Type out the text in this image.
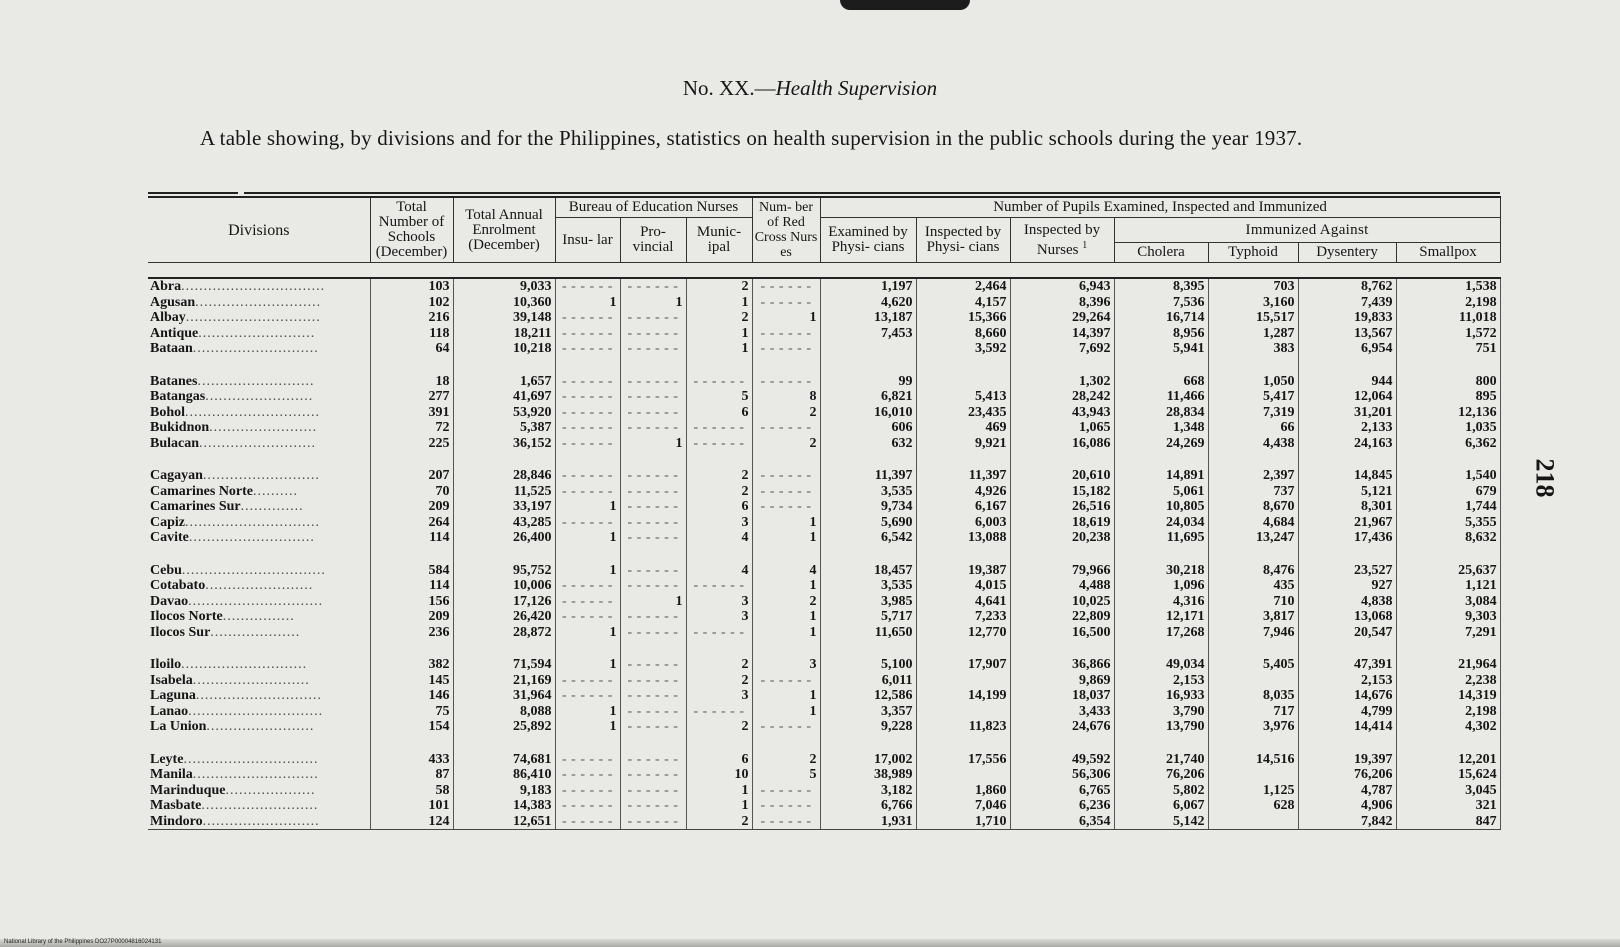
No. XX.—Health Supervision
A table showing, by divisions and for the Philippines, statistics on health supervision in the public schools during the year 1937.
Divisions	Total Number of Schools (December)	Total Annual Enrolment (December)	Bureau of Education Nurses			Num- ber of Red Cross Nurs es	Number of Pupils Examined, Inspected and Immunized						
			Insu- lar	Pro- vincial	Munic- ipal		Examined by Physi- cians	Inspected by Physi- cians	Inspected by Nurses $^1$	Immunized Against			
										Cholera	Typhoid	Dysentery	Smallpox

Abra................................	103	9,033	- - - - - -	- - - - - -	2	- - - - - -	1,197	2,464	6,943	8,395	703	8,762	1,538
Agusan............................	102	10,360	1	1	1	- - - - - -	4,620	4,157	8,396	7,536	3,160	7,439	2,198
Albay..............................	216	39,148	- - - - - -	- - - - - -	2	1	13,187	15,366	29,264	16,714	15,517	19,833	11,018
Antique..........................	118	18,211	- - - - - -	- - - - - -	1	- - - - - -	7,453	8,660	14,397	8,956	1,287	13,567	1,572
Bataan............................	64	10,218	- - - - - -	- - - - - -	1	- - - - - -		3,592	7,692	5,941	383	6,954	751

Batanes..........................	18	1,657	- - - - - -	- - - - - -	- - - - - -	- - - - - -	99		1,302	668	1,050	944	800
Batangas........................	277	41,697	- - - - - -	- - - - - -	5	8	6,821	5,413	28,242	11,466	5,417	12,064	895
Bohol..............................	391	53,920	- - - - - -	- - - - - -	6	2	16,010	23,435	43,943	28,834	7,319	31,201	12,136
Bukidnon........................	72	5,387	- - - - - -	- - - - - -	- - - - - -	- - - - - -	606	469	1,065	1,348	66	2,133	1,035
Bulacan..........................	225	36,152	- - - - - -	1	- - - - - -	2	632	9,921	16,086	24,269	4,438	24,163	6,362

Cagayan..........................	207	28,846	- - - - - -	- - - - - -	2	- - - - - -	11,397	11,397	20,610	14,891	2,397	14,845	1,540
Camarines Norte..........	70	11,525	- - - - - -	- - - - - -	2	- - - - - -	3,535	4,926	15,182	5,061	737	5,121	679
Camarines Sur..............	209	33,197	1	- - - - - -	6	- - - - - -	9,734	6,167	26,516	10,805	8,670	8,301	1,744
Capiz..............................	264	43,285	- - - - - -	- - - - - -	3	1	5,690	6,003	18,619	24,034	4,684	21,967	5,355
Cavite............................	114	26,400	1	- - - - - -	4	1	6,542	13,088	20,238	11,695	13,247	17,436	8,632

Cebu................................	584	95,752	1	- - - - - -	4	4	18,457	19,387	79,966	30,218	8,476	23,527	25,637
Cotabato........................	114	10,006	- - - - - -	- - - - - -	- - - - - -	1	3,535	4,015	4,488	1,096	435	927	1,121
Davao..............................	156	17,126	- - - - - -	1	3	2	3,985	4,641	10,025	4,316	710	4,838	3,084
Ilocos Norte................	209	26,420	- - - - - -	- - - - - -	3	1	5,717	7,233	22,809	12,171	3,817	13,068	9,303
Ilocos Sur....................	236	28,872	1	- - - - - -	- - - - - -	1	11,650	12,770	16,500	17,268	7,946	20,547	7,291

Iloilo............................	382	71,594	1	- - - - - -	2	3	5,100	17,907	36,866	49,034	5,405	47,391	21,964
Isabela..........................	145	21,169	- - - - - -	- - - - - -	2	- - - - - -	6,011		9,869	2,153		2,153	2,238
Laguna............................	146	31,964	- - - - - -	- - - - - -	3	1	12,586	14,199	18,037	16,933	8,035	14,676	14,319
Lanao..............................	75	8,088	1	- - - - - -	- - - - - -	1	3,357		3,433	3,790	717	4,799	2,198
La Union........................	154	25,892	1	- - - - - -	2	- - - - - -	9,228	11,823	24,676	13,790	3,976	14,414	4,302

Leyte..............................	433	74,681	- - - - - -	- - - - - -	6	2	17,002	17,556	49,592	21,740	14,516	19,397	12,201
Manila............................	87	86,410	- - - - - -	- - - - - -	10	5	38,989		56,306	76,206		76,206	15,624
Marinduque....................	58	9,183	- - - - - -	- - - - - -	1	- - - - - -	3,182	1,860	6,765	5,802	1,125	4,787	3,045
Masbate..........................	101	14,383	- - - - - -	- - - - - -	1	- - - - - -	6,766	7,046	6,236	6,067	628	4,906	321
Mindoro..........................	124	12,651	- - - - - -	- - - - - -	2	- - - - - -	1,931	1,710	6,354	5,142		7,842	847
218
National Library of the Philippines DO27P00004816024131
